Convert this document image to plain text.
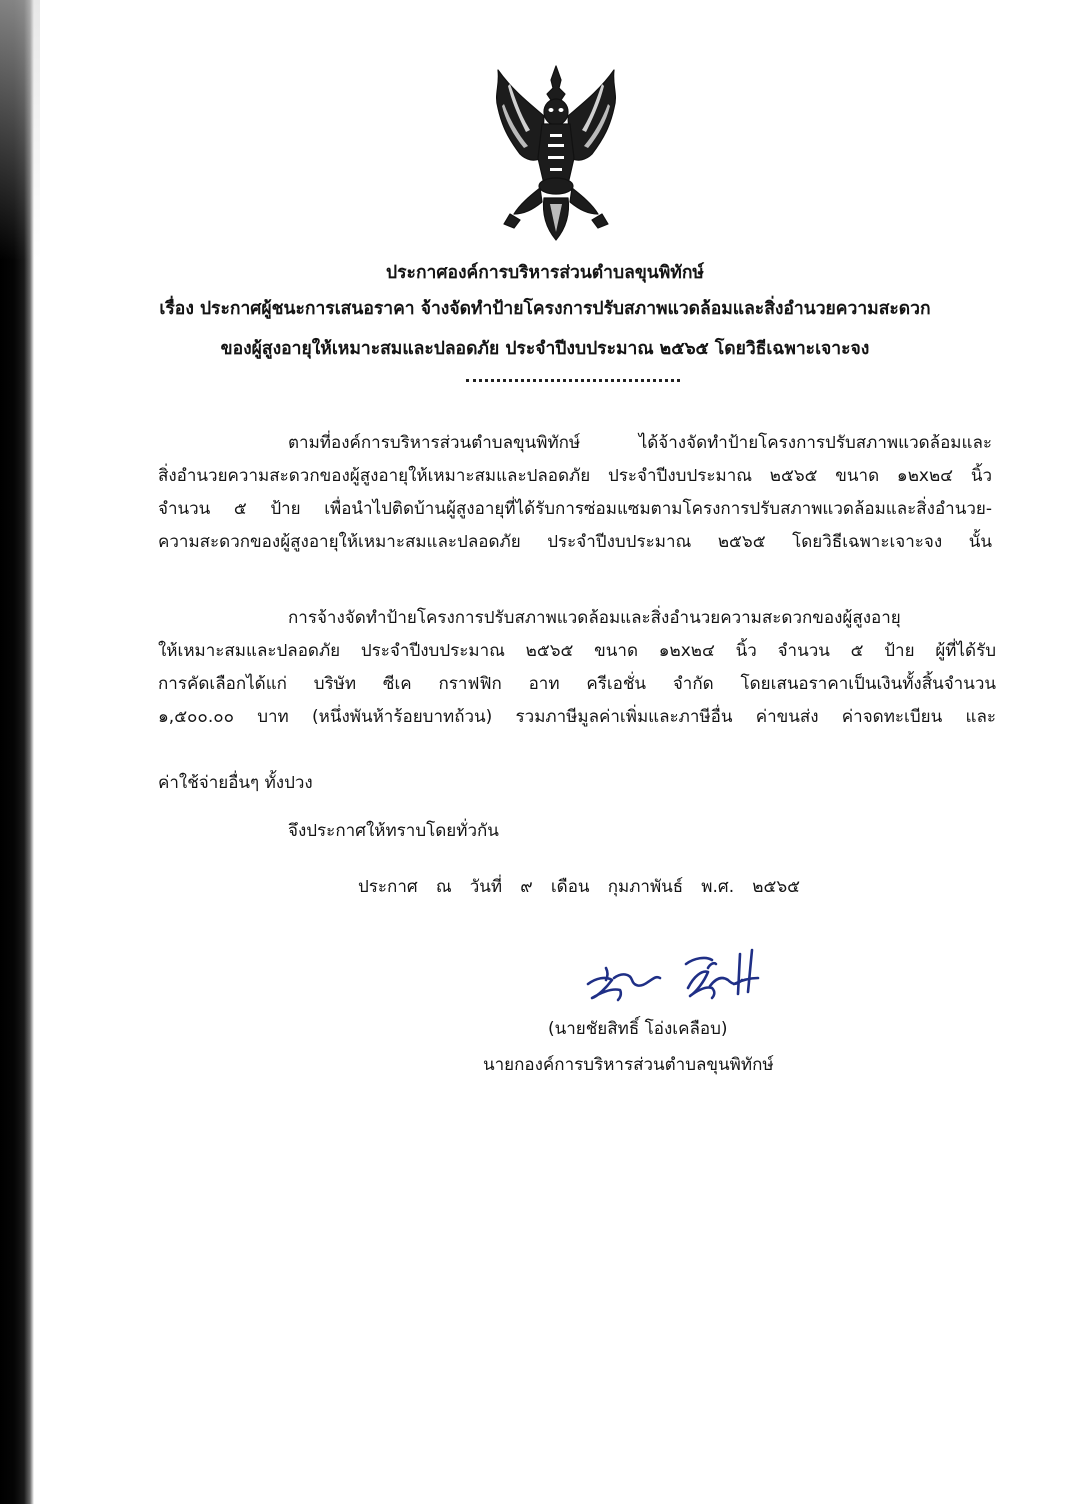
ประกาศองค์การบริหารส่วนตำบลขุนพิทักษ์
เรื่อง ประกาศผู้ชนะการเสนอราคา จ้างจัดทำป้ายโครงการปรับสภาพแวดล้อมและสิ่งอำนวยความสะดวก
ของผู้สูงอายุให้เหมาะสมและปลอดภัย ประจำปีงบประมาณ ๒๕๖๕ โดยวิธีเฉพาะเจาะจง
ตามที่องค์การบริหารส่วนตำบลขุนพิทักษ์ ได้จ้างจัดทำป้ายโครงการปรับสภาพแวดล้อมและ
สิ่งอำนวยความสะดวกของผู้สูงอายุให้เหมาะสมและปลอดภัย ประจำปีงบประมาณ ๒๕๖๕ ขนาด ๑๒x๒๔ นิ้ว
จำนวน ๕ ป้าย เพื่อนำไปติดบ้านผู้สูงอายุที่ได้รับการซ่อมแซมตามโครงการปรับสภาพแวดล้อมและสิ่งอำนวย-
ความสะดวกของผู้สูงอายุให้เหมาะสมและปลอดภัย ประจำปีงบประมาณ ๒๕๖๕ โดยวิธีเฉพาะเจาะจง นั้น
การจ้างจัดทำป้ายโครงการปรับสภาพแวดล้อมและสิ่งอำนวยความสะดวกของผู้สูงอายุ
ให้เหมาะสมและปลอดภัย ประจำปีงบประมาณ ๒๕๖๕ ขนาด ๑๒x๒๔ นิ้ว จำนวน ๕ ป้าย ผู้ที่ได้รับ
การคัดเลือกได้แก่ บริษัท ซีเค กราฟฟิก อาท ครีเอชั่น จำกัด โดยเสนอราคาเป็นเงินทั้งสิ้นจำนวน
๑,๕๐๐.๐๐ บาท (หนึ่งพันห้าร้อยบาทถ้วน) รวมภาษีมูลค่าเพิ่มและภาษีอื่น ค่าขนส่ง ค่าจดทะเบียน และ
ค่าใช้จ่ายอื่นๆ ทั้งปวง
จึงประกาศให้ทราบโดยทั่วกัน
ประกาศ ณ วันที่ ๙ เดือน กุมภาพันธ์ พ.ศ. ๒๕๖๕
(นายชัยสิทธิ์ โอ่งเคลือบ)
นายกองค์การบริหารส่วนตำบลขุนพิทักษ์
